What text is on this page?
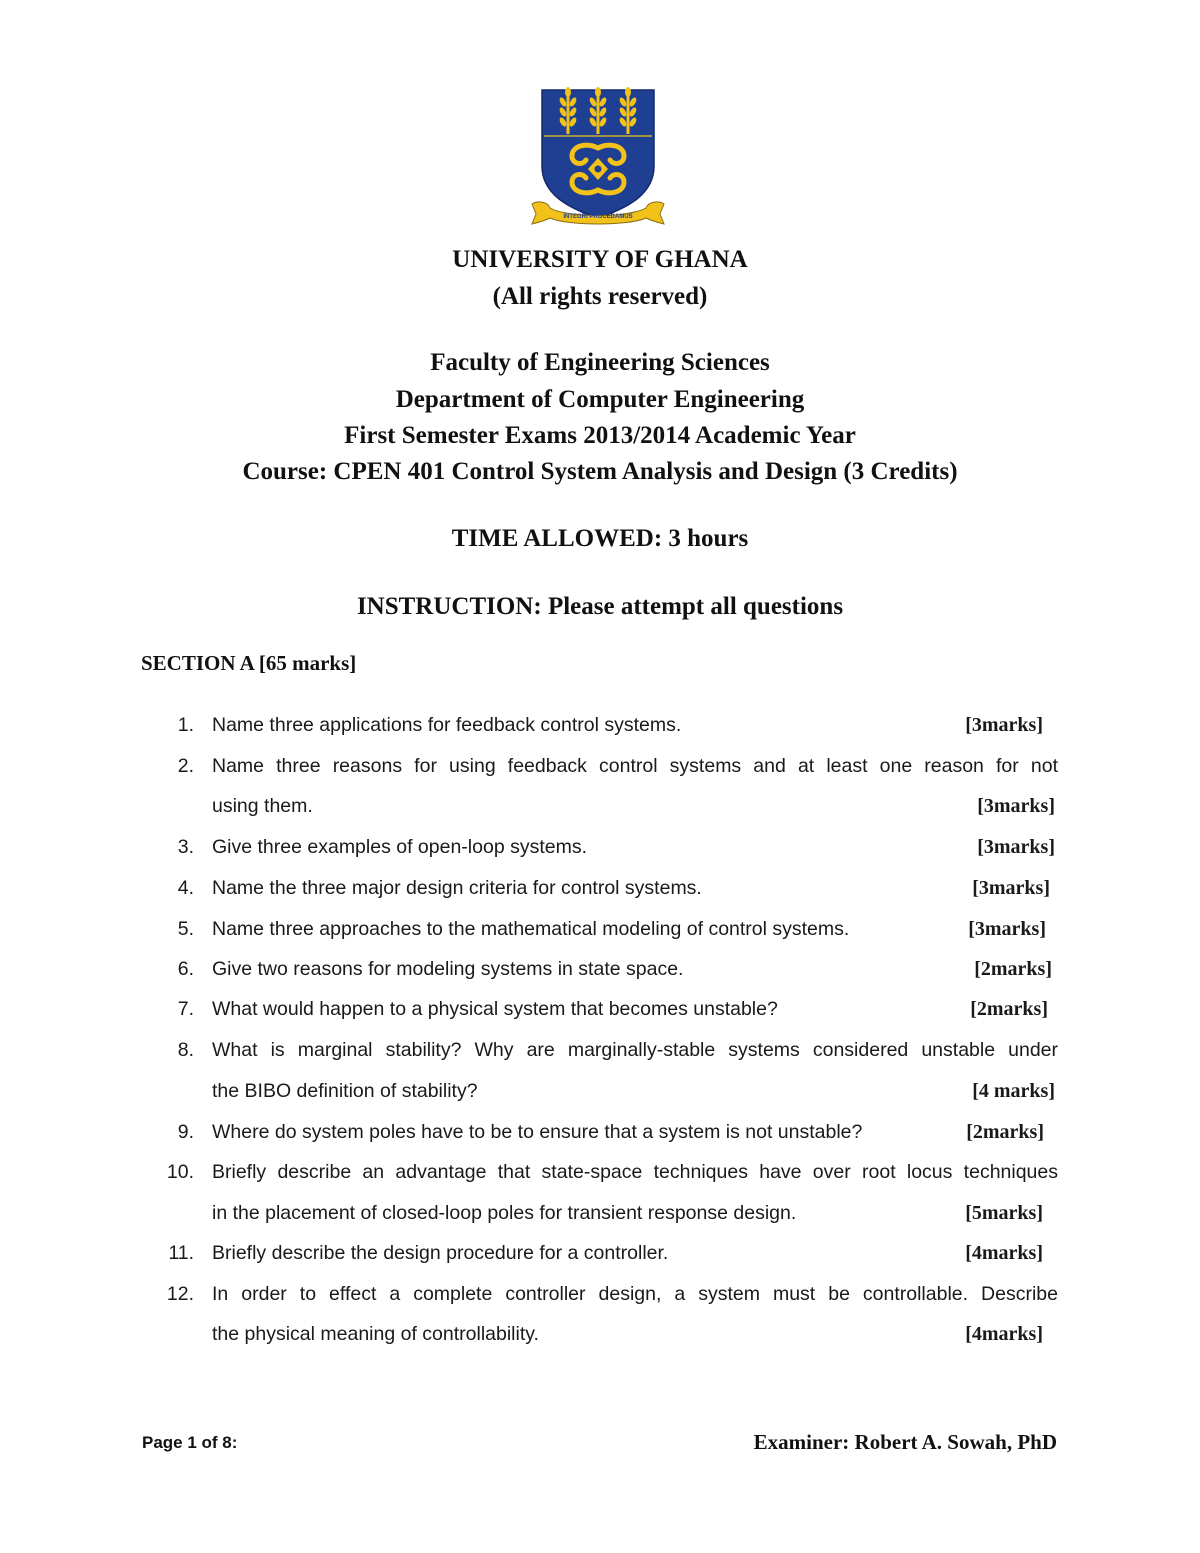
INTEGRI PROCEDAMUS
UNIVERSITY OF GHANA
(All rights reserved)
Faculty of Engineering Sciences
Department of Computer Engineering
First Semester Exams 2013/2014 Academic Year
Course: CPEN 401 Control System Analysis and Design (3 Credits)
TIME ALLOWED: 3 hours
INSTRUCTION: Please attempt all questions
SECTION A [65 marks]
1. Name three applications for feedback control systems.	[3marks]
2. Name three reasons for using feedback control systems and at least one reason for not
using them.	[3marks]
3. Give three examples of open-loop systems.	[3marks]
4. Name the three major design criteria for control systems.	[3marks]
5. Name three approaches to the mathematical modeling of control systems.	[3marks]
6. Give two reasons for modeling systems in state space.	[2marks]
7. What would happen to a physical system that becomes unstable?	[2marks]
8. What is marginal stability? Why are marginally-stable systems considered unstable under
the BIBO definition of stability?	[4 marks]
9. Where do system poles have to be to ensure that a system is not unstable?	[2marks]
10. Briefly describe an advantage that state-space techniques have over root locus techniques
in the placement of closed-loop poles for transient response design.	[5marks]
11. Briefly describe the design procedure for a controller.	[4marks]
12. In order to effect a complete controller design, a system must be controllable. Describe
the physical meaning of controllability.	[4marks]
Page 1 of 8:	Examiner: Robert A. Sowah, PhD
